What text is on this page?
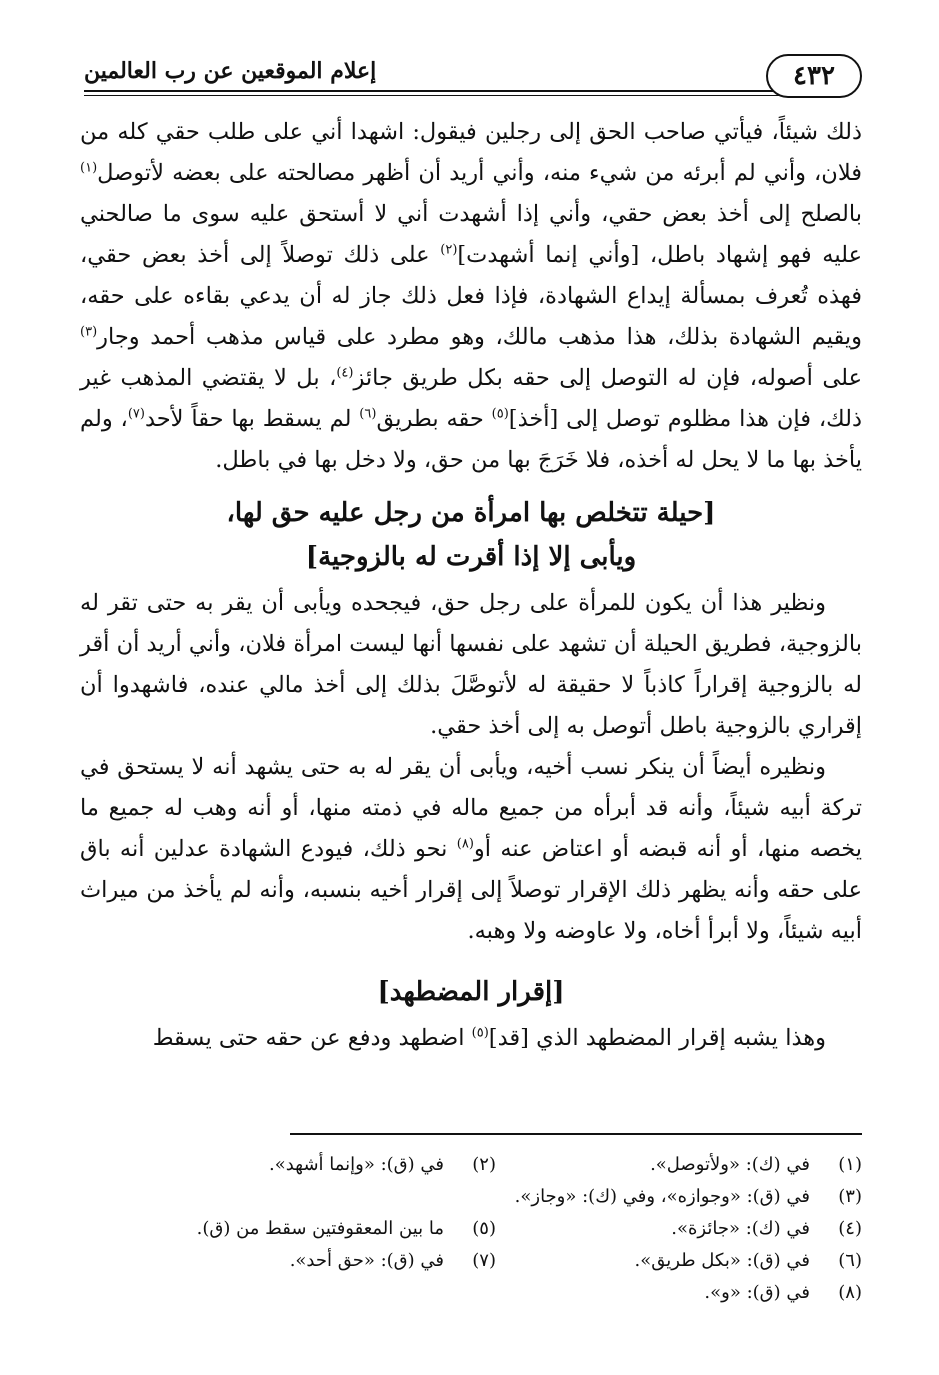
٤٣٢
إعلام الموقعين عن رب العالمين

ذلك شيئاً، فيأتي صاحب الحق إلى رجلين فيقول: اشهدا أني على طلب حقي كله من فلان، وأني لم أبرئه من شيء منه، وأني أريد أن أظهر مصالحته على بعضه لأتوصل$^{(١)}$ بالصلح إلى أخذ بعض حقي، وأني إذا أشهدت أني لا أستحق عليه سوى ما صالحني عليه فهو إشهاد باطل، [وأني إنما أشهدت]$^{(٢)}$ على ذلك توصلاً إلى أخذ بعض حقي، فهذه تُعرف بمسألة إيداع الشهادة، فإذا فعل ذلك جاز له أن يدعي بقاءه على حقه، ويقيم الشهادة بذلك، هذا مذهب مالك، وهو مطرد على قياس مذهب أحمد وجار$^{(٣)}$ على أصوله، فإن له التوصل إلى حقه بكل طريق جائز$^{(٤)}$، بل لا يقتضي المذهب غير ذلك، فإن هذا مظلوم توصل إلى [أخذ]$^{(٥)}$ حقه بطريق$^{(٦)}$ لم يسقط بها حقاً لأحد$^{(٧)}$، ولم يأخذ بها ما لا يحل له أخذه، فلا خَرَجَ بها من حق، ولا دخل بها في باطل.

[حيلة تتخلص بها امرأة من رجل عليه حق لها،
ويأبى إلا إذا أقرت له بالزوجية]

ونظير هذا أن يكون للمرأة على رجل حق، فيجحده ويأبى أن يقر به حتى تقر له بالزوجية، فطريق الحيلة أن تشهد على نفسها أنها ليست امرأة فلان، وأني أريد أن أقر له بالزوجية إقراراً كاذباً لا حقيقة له لأتوصَّلَ بذلك إلى أخذ مالي عنده، فاشهدوا أن إقراري بالزوجية باطل أتوصل به إلى أخذ حقي.

ونظيره أيضاً أن ينكر نسب أخيه، ويأبى أن يقر له به حتى يشهد أنه لا يستحق في تركة أبيه شيئاً، وأنه قد أبرأه من جميع ماله في ذمته منها، أو أنه وهب له جميع ما يخصه منها، أو أنه قبضه أو اعتاض عنه أو$^{(٨)}$ نحو ذلك، فيودع الشهادة عدلين أنه باق على حقه وأنه يظهر ذلك الإقرار توصلاً إلى إقرار أخيه بنسبه، وأنه لم يأخذ من ميراث أبيه شيئاً، ولا أبرأ أخاه، ولا عاوضه ولا وهبه.

[إقرار المضطهد]

وهذا يشبه إقرار المضطهد الذي [قد]$^{(٥)}$ اضطهد ودفع عن حقه حتى يسقط

(١)
في (ك): «ولأتوصل».
(٢)
في (ق): «وإنما أشهد».
(٣)
في (ق): «وجوازه»، وفي (ك): «وجاز».
(٤)
في (ك): «جائزة».
(٥)
ما بين المعقوفتين سقط من (ق).
(٦)
في (ق): «بكل طريق».
(٧)
في (ق): «حق أحد».
(٨)
في (ق): «و».
